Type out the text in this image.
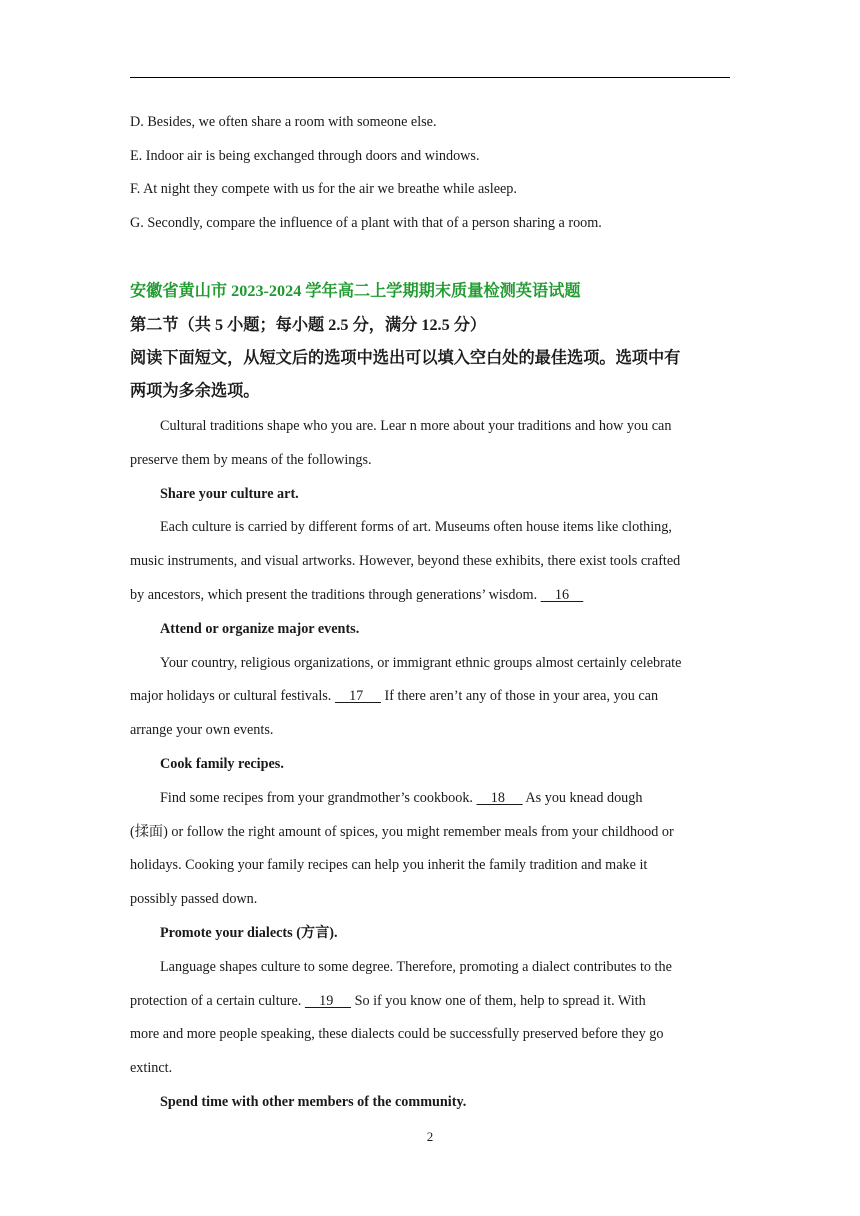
D. Besides, we often share a room with someone else.
E. Indoor air is being exchanged through doors and windows.
F. At night they compete with us for the air we breathe while asleep.
G. Secondly, compare the influence of a plant with that of a person sharing a room.
安徽省黄山市 2023-2024 学年高二上学期期末质量检测英语试题
第二节（共 5 小题；每小题 2.5 分，满分 12.5 分）
阅读下面短文，从短文后的选项中选出可以填入空白处的最佳选项。选项中有
两项为多余选项。
Cultural traditions shape who you are. Lear n more about your traditions and how you can
preserve them by means of the followings.
Share your culture art.
Each culture is carried by different forms of art. Museums often house items like clothing,
music instruments, and visual artworks. However, beyond these exhibits, there exist tools crafted
by ancestors, which present the traditions through generations’ wisdom.     16
Attend or organize major events.
Your country, religious organizations, or immigrant ethnic groups almost certainly celebrate
major holidays or cultural festivals.     17      If there aren’t any of those in your area, you can
arrange your own events.
Cook family recipes.
Find some recipes from your grandmother’s cookbook.     18      As you knead dough
(揉面) or follow the right amount of spices, you might remember meals from your childhood or
holidays. Cooking your family recipes can help you inherit the family tradition and make it
possibly passed down.
Promote your dialects (方言).
Language shapes culture to some degree. Therefore, promoting a dialect contributes to the
protection of a certain culture.     19      So if you know one of them, help to spread it. With
more and more people speaking, these dialects could be successfully preserved before they go
extinct.
Spend time with other members of the community.
2
